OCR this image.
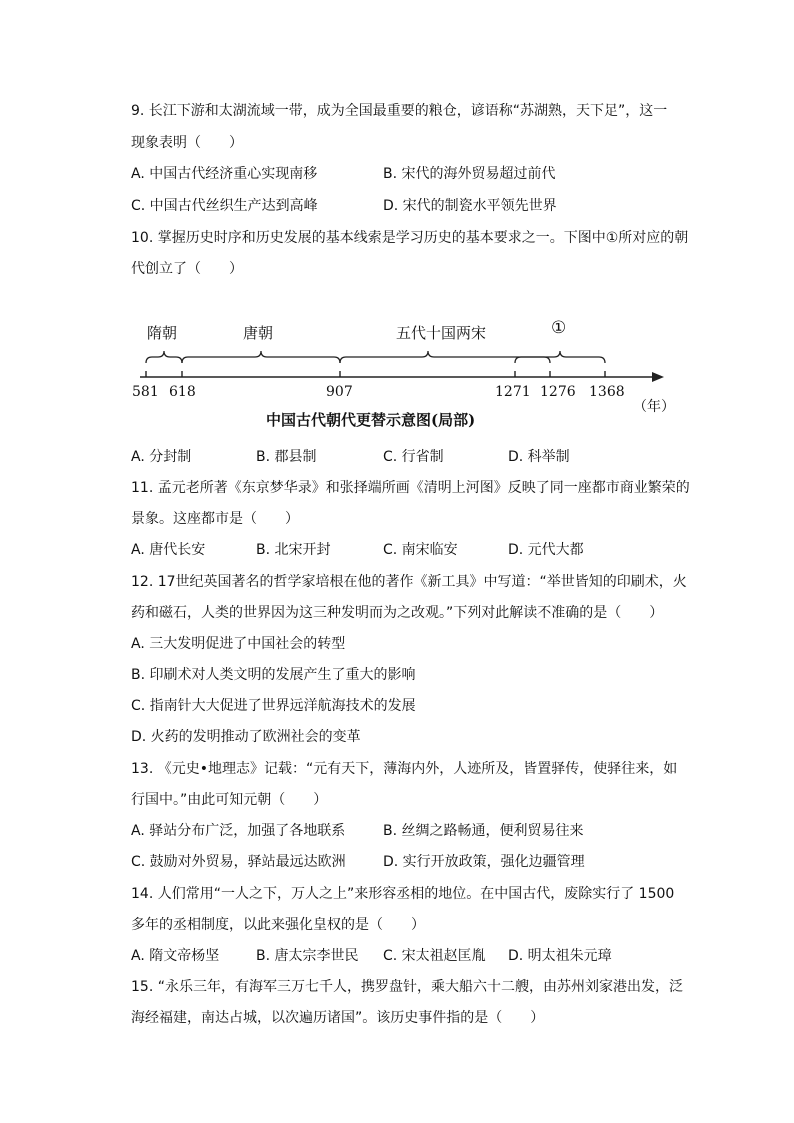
9. 长江下游和太湖流域一带，成为全国最重要的粮仓，谚语称“苏湖熟，天下足”，这一
现象表明（　　）
A. 中国古代经济重心实现南移	B. 宋代的海外贸易超过前代
C. 中国古代丝织生产达到高峰	D. 宋代的制瓷水平领先世界
10. 掌握历史时序和历史发展的基本线索是学习历史的基本要求之一。下图中①所对应的朝
代创立了（　　）
隋朝	唐朝	五代十国两宋	①
581 618	907	1271 1276 1368
（年）
中国古代朝代更替示意图(局部)
A. 分封制	B. 郡县制	C. 行省制	D. 科举制
11. 孟元老所著《东京梦华录》和张择端所画《清明上河图》反映了同一座都市商业繁荣的
景象。这座都市是（　　）
A. 唐代长安	B. 北宋开封	C. 南宋临安	D. 元代大都
12. 17世纪英国著名的哲学家培根在他的著作《新工具》中写道：“举世皆知的印刷术，火
药和磁石，人类的世界因为这三种发明而为之改观。”下列对此解读不准确的是（　　）
A. 三大发明促进了中国社会的转型
B. 印刷术对人类文明的发展产生了重大的影响
C. 指南针大大促进了世界远洋航海技术的发展
D. 火药的发明推动了欧洲社会的变革
13. 《元史•地理志》记载：“元有天下，薄海内外，人迹所及，皆置驿传，使驿往来，如
行国中。”由此可知元朝（　　）
A. 驿站分布广泛，加强了各地联系	B. 丝绸之路畅通，便利贸易往来
C. 鼓励对外贸易，驿站最远达欧洲	D. 实行开放政策，强化边疆管理
14. 人们常用“一人之下，万人之上”来形容丞相的地位。在中国古代，废除实行了 1500
多年的丞相制度，以此来强化皇权的是（　　）
A. 隋文帝杨坚	B. 唐太宗李世民 C. 宋太祖赵匡胤 D. 明太祖朱元璋
15. “永乐三年，有海军三万七千人，携罗盘针，乘大船六十二艘，由苏州刘家港出发，泛
海经福建，南达占城，以次遍历诸国”。该历史事件指的是（　　）
